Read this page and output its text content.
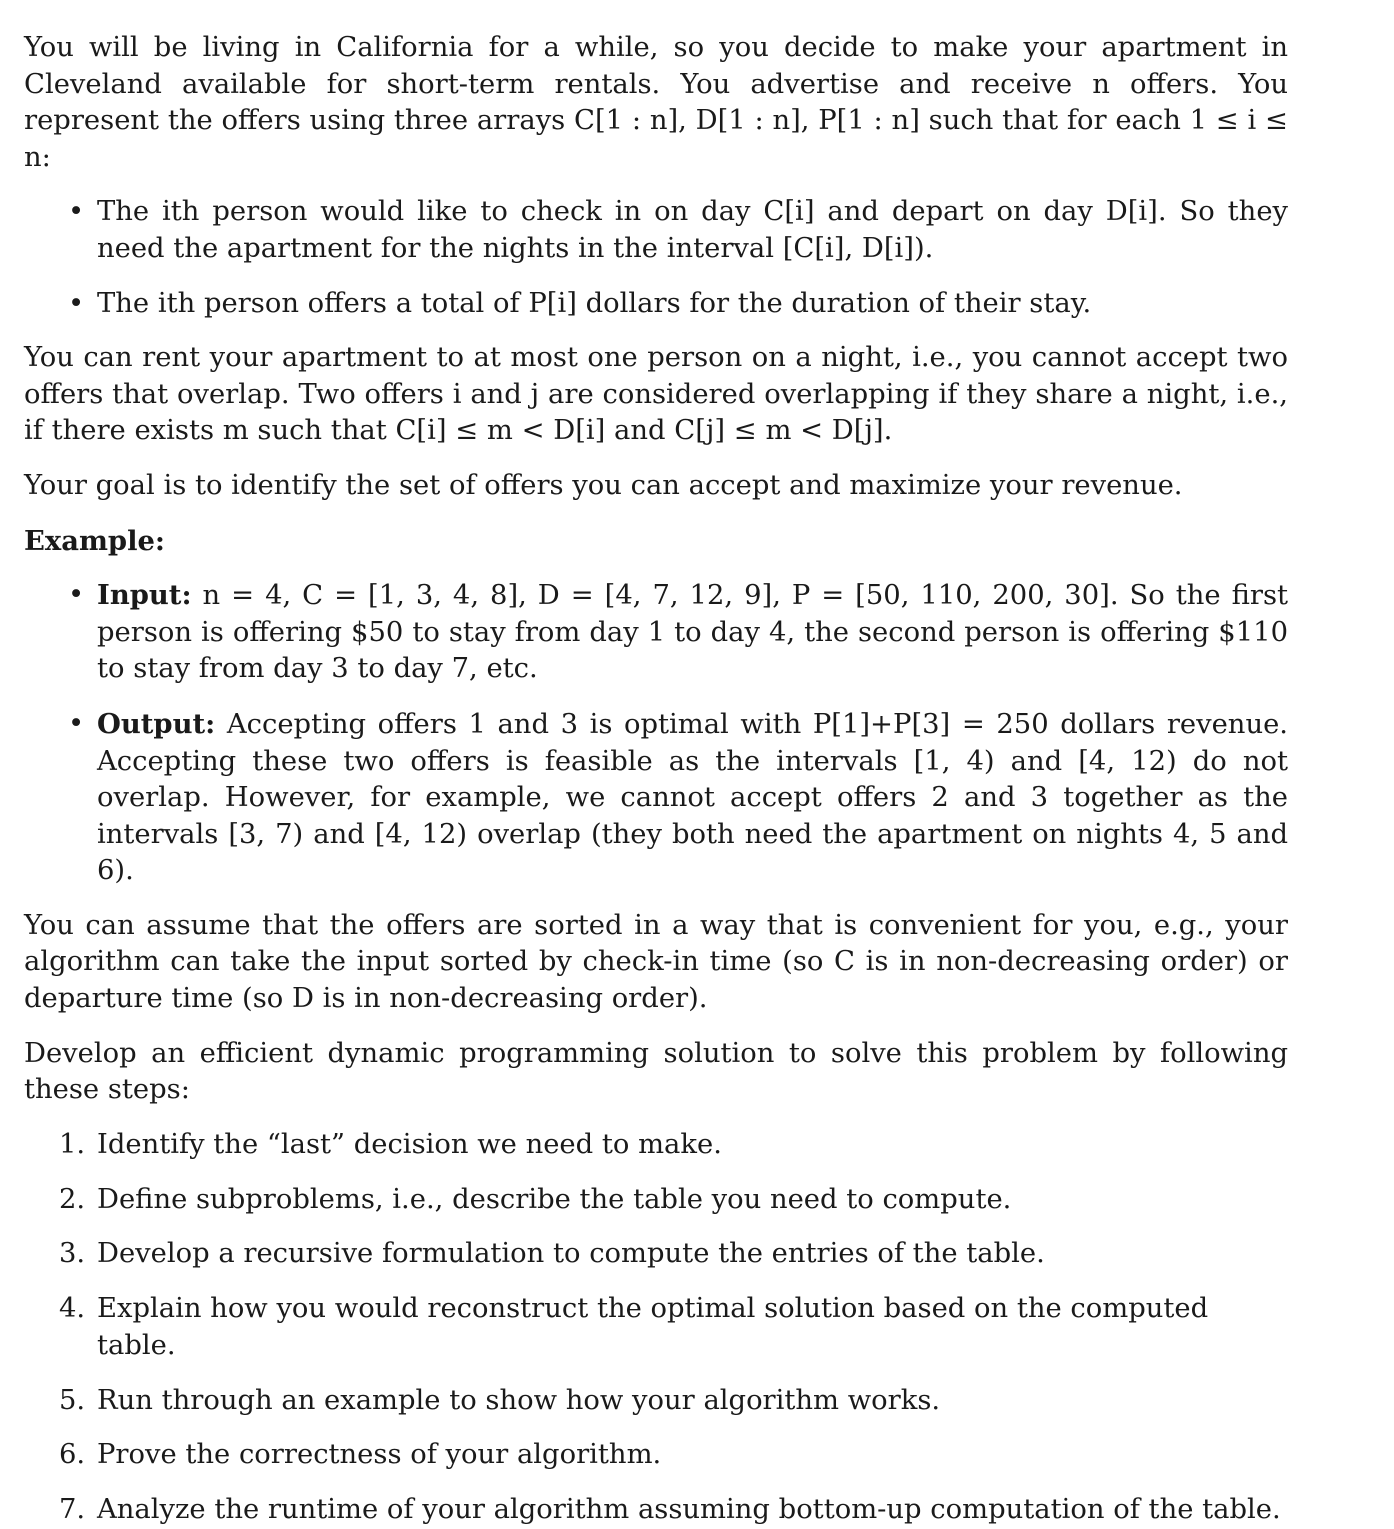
You will be living in California for a while, so you decide to make your apartment in Cleveland available for short-term rentals. You advertise and receive n offers. You represent the offers using three arrays C[1 : n], D[1 : n], P[1 : n] such that for each 1 ≤ i ≤ n:

• The ith person would like to check in on day C[i] and depart on day D[i]. So they need the apartment for the nights in the interval [C[i], D[i]).
• The ith person offers a total of P[i] dollars for the duration of their stay.

You can rent your apartment to at most one person on a night, i.e., you cannot accept two offers that overlap. Two offers i and j are considered overlapping if they share a night, i.e., if there exists m such that C[i] ≤ m < D[i] and C[j] ≤ m < D[j].

Your goal is to identify the set of offers you can accept and maximize your revenue.

Example:

• Input: n = 4, C = [1, 3, 4, 8], D = [4, 7, 12, 9], P = [50, 110, 200, 30]. So the first person is offering $50 to stay from day 1 to day 4, the second person is offering $110 to stay from day 3 to day 7, etc.
• Output: Accepting offers 1 and 3 is optimal with P[1]+P[3] = 250 dollars revenue. Accepting these two offers is feasible as the intervals [1, 4) and [4, 12) do not overlap. However, for example, we cannot accept offers 2 and 3 together as the intervals [3, 7) and [4, 12) overlap (they both need the apartment on nights 4, 5 and 6).

You can assume that the offers are sorted in a way that is convenient for you, e.g., your algorithm can take the input sorted by check-in time (so C is in non-decreasing order) or departure time (so D is in non-decreasing order).

Develop an efficient dynamic programming solution to solve this problem by following these steps:

1. Identify the “last” decision we need to make.
2. Define subproblems, i.e., describe the table you need to compute.
3. Develop a recursive formulation to compute the entries of the table.
4. Explain how you would reconstruct the optimal solution based on the computed table.
5. Run through an example to show how your algorithm works.
6. Prove the correctness of your algorithm.
7. Analyze the runtime of your algorithm assuming bottom-up computation of the table.
